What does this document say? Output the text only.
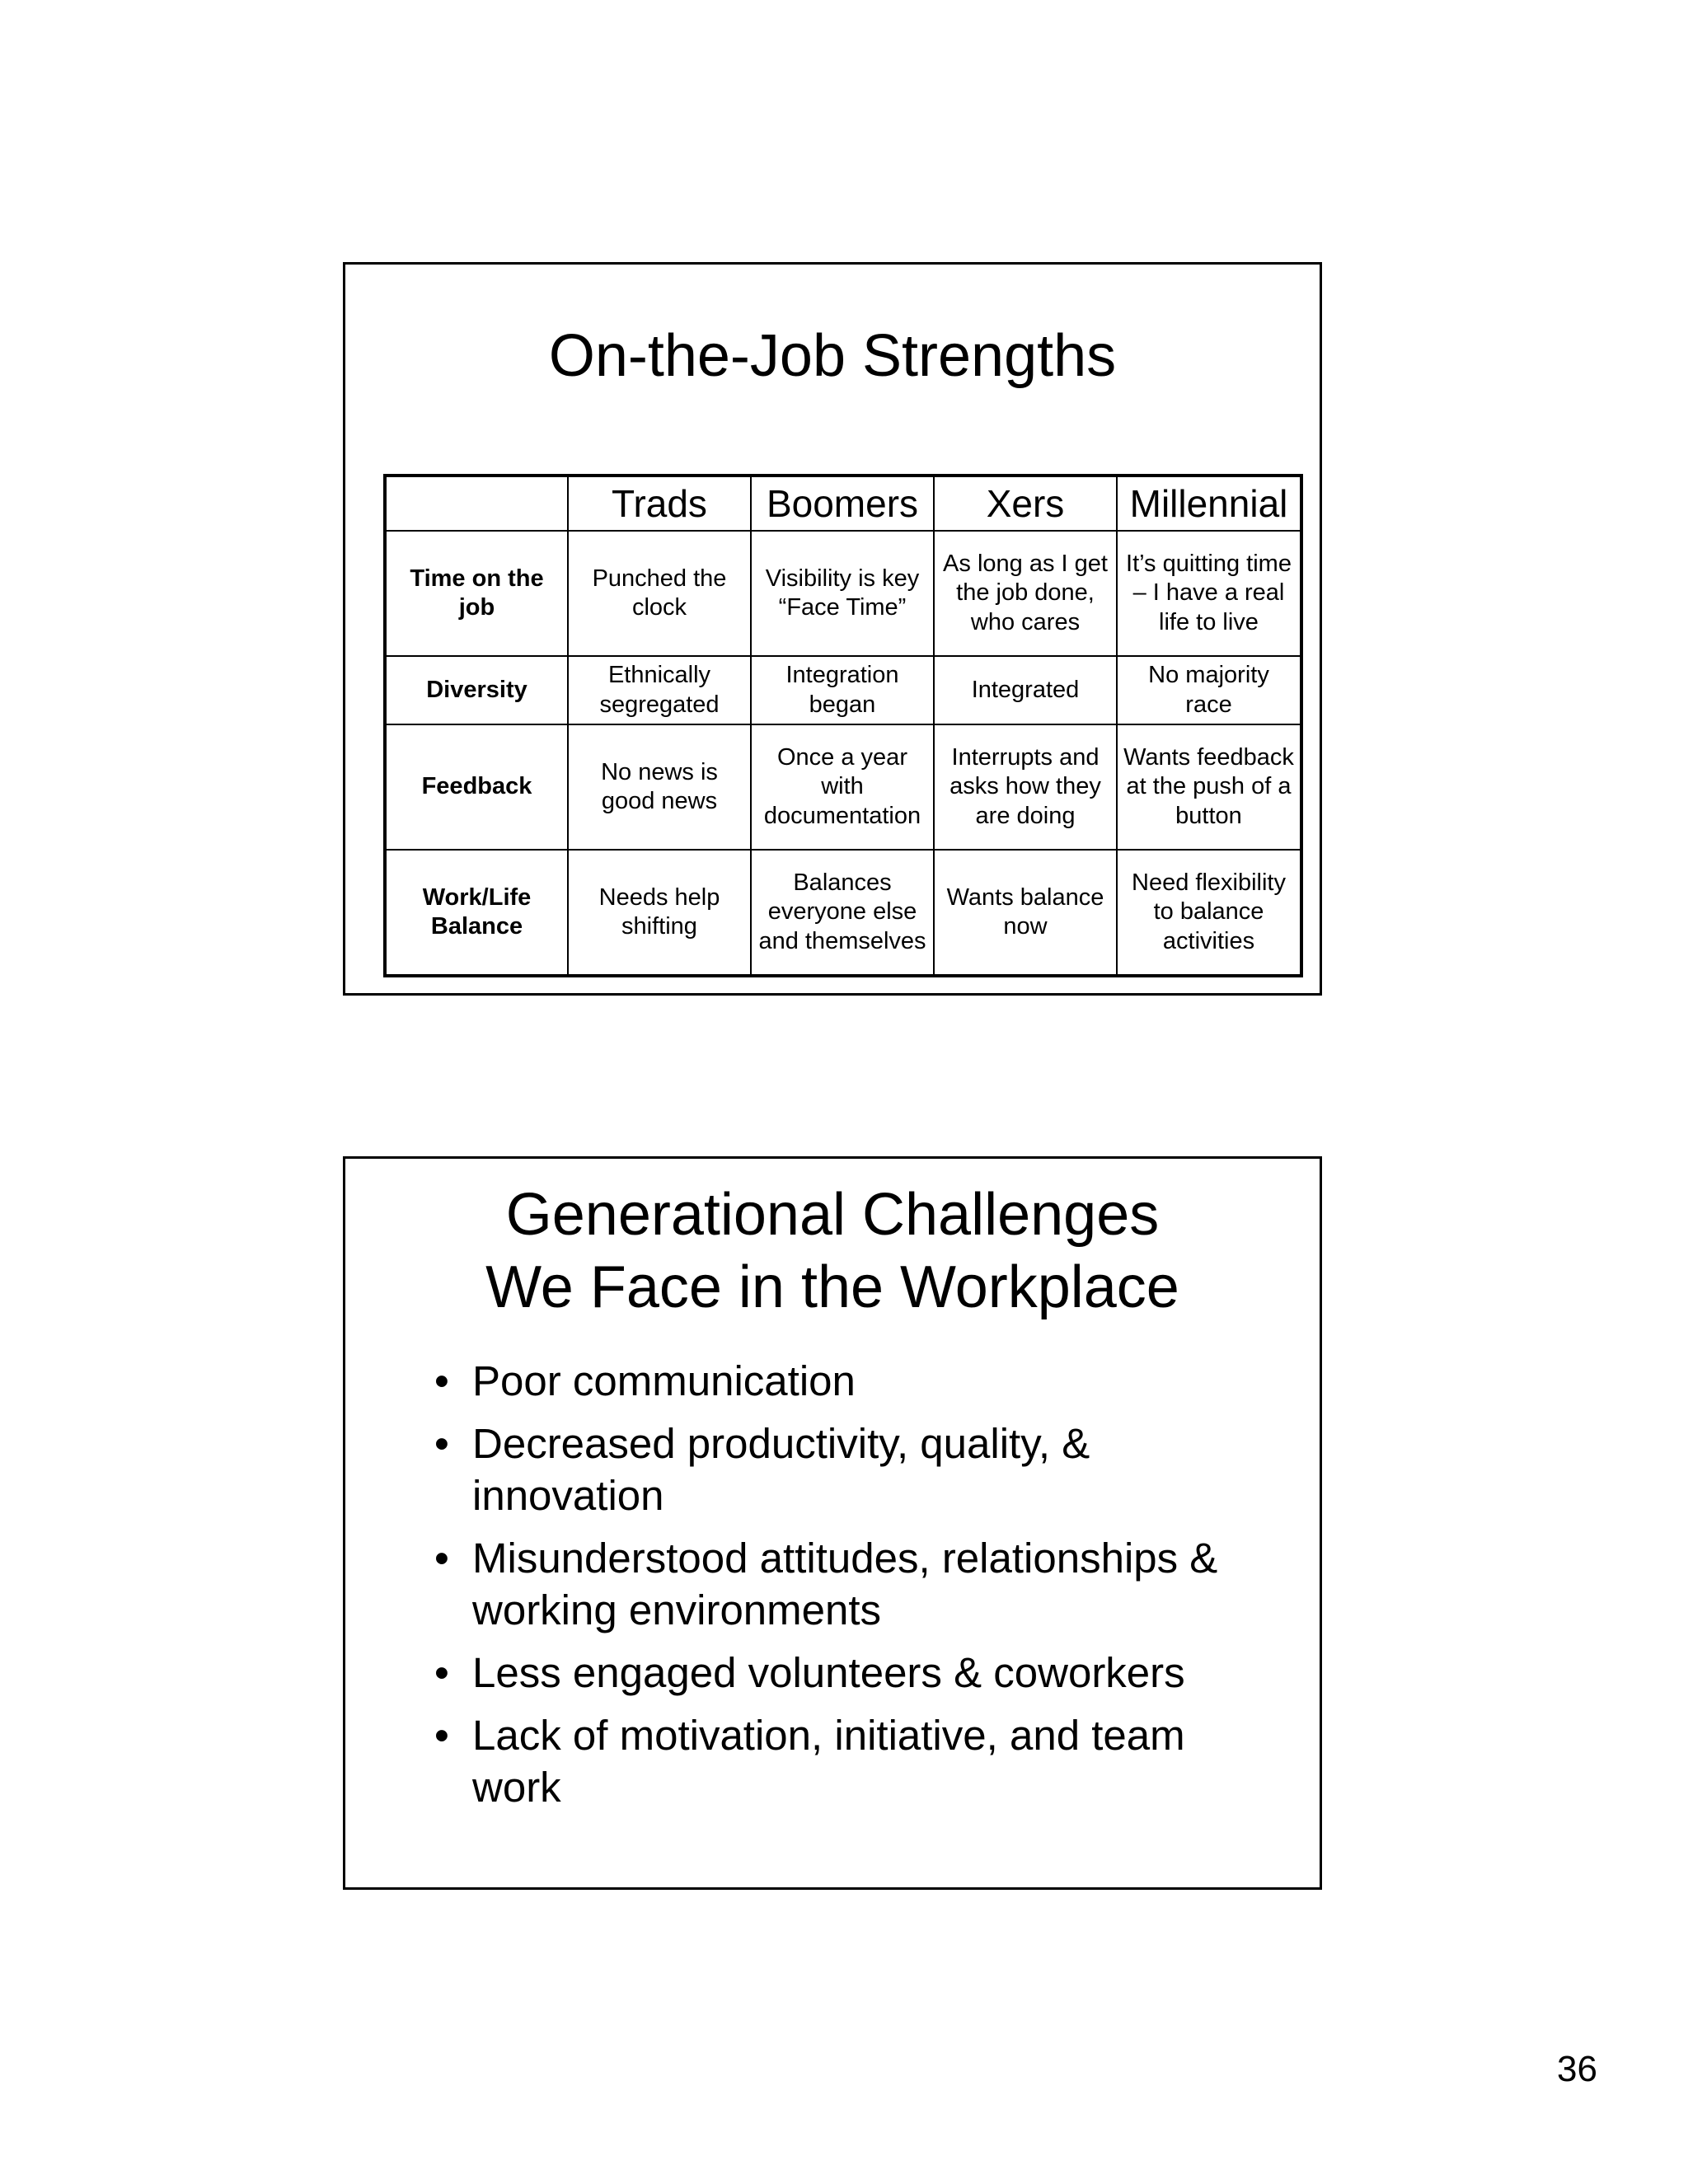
On-the-Job Strengths
	Trads	Boomers	Xers	Millennial
Time on the job	Punched the clock	Visibility is key “Face Time”	As long as I get the job done, who cares	It’s quitting time – I have a real life to live
Diversity	Ethnically segregated	Integration began	Integrated	No majority race
Feedback	No news is good news	Once a year with documentation	Interrupts and asks how they are doing	Wants feedback at the push of a button
Work/Life Balance	Needs help shifting	Balances everyone else and themselves	Wants balance now	Need flexibility to balance activities
Generational Challenges
We Face in the Workplace
• Poor communication
• Decreased productivity, quality, & innovation
• Misunderstood attitudes, relationships & working environments
• Less engaged volunteers & coworkers
• Lack of motivation, initiative, and team work
36
